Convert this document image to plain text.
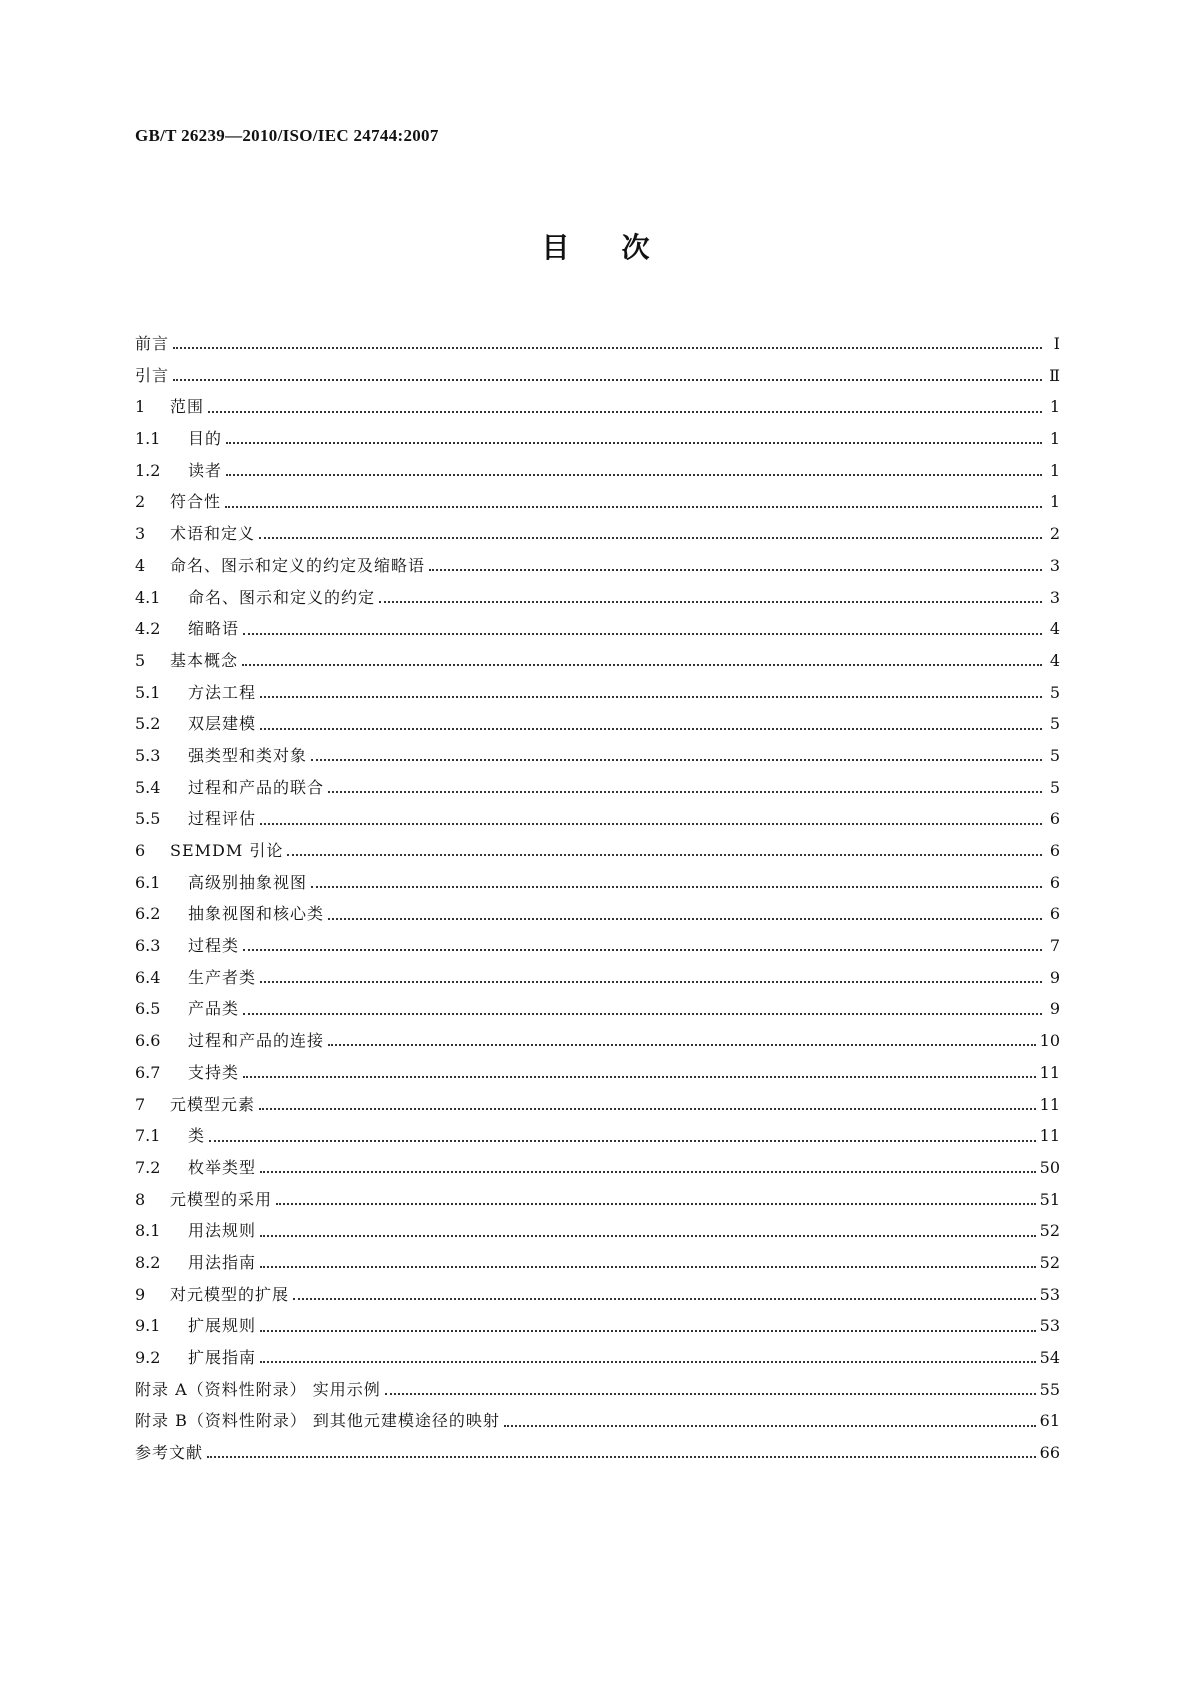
GB/T 26239—2010/ISO/IEC 24744:2007
目次
前言	Ⅰ
引言	Ⅱ
1	范围	1
1.1	目的	1
1.2	读者	1
2	符合性	1
3	术语和定义	2
4	命名、图示和定义的约定及缩略语	3
4.1	命名、图示和定义的约定	3
4.2	缩略语	4
5	基本概念	4
5.1	方法工程	5
5.2	双层建模	5
5.3	强类型和类对象	5
5.4	过程和产品的联合	5
5.5	过程评估	6
6	SEMDM 引论	6
6.1	高级别抽象视图	6
6.2	抽象视图和核心类	6
6.3	过程类	7
6.4	生产者类	9
6.5	产品类	9
6.6	过程和产品的连接	10
6.7	支持类	11
7	元模型元素	11
7.1	类	11
7.2	枚举类型	50
8	元模型的采用	51
8.1	用法规则	52
8.2	用法指南	52
9	对元模型的扩展	53
9.1	扩展规则	53
9.2	扩展指南	54
附录 A（资料性附录） 实用示例	55
附录 B（资料性附录） 到其他元建模途径的映射	61
参考文献	66
